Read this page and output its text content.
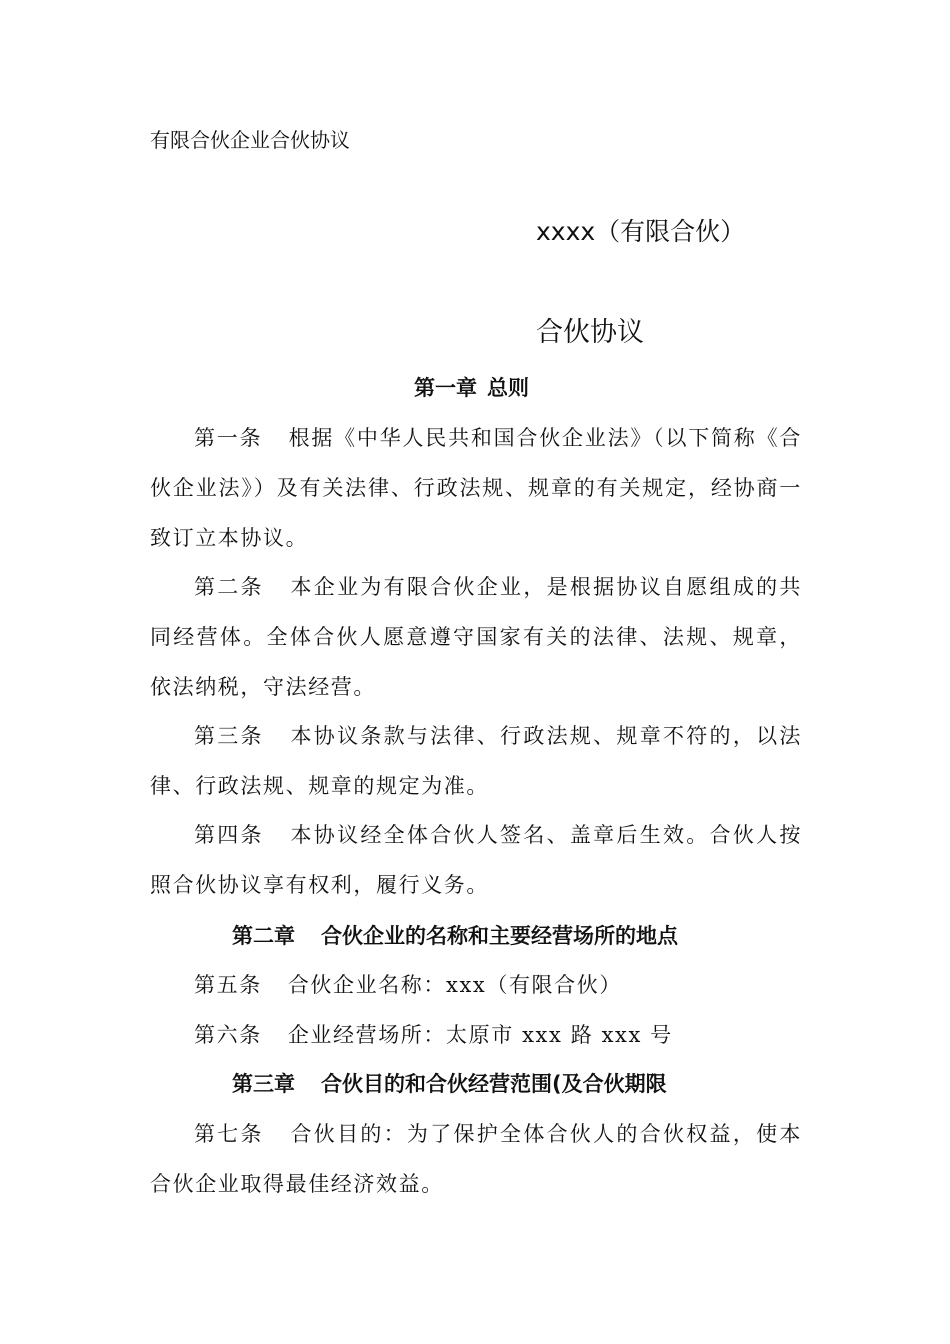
有限合伙企业合伙协议
xxxx（有限合伙）
合伙协议
第一章 总则
第一条 根据《中华人民共和国合伙企业法》（以下简称《合伙企业法》）及有关法律、行政法规、规章的有关规定，经协商一致订立本协议。
第二条 本企业为有限合伙企业，是根据协议自愿组成的共同经营体。全体合伙人愿意遵守国家有关的法律、法规、规章，依法纳税，守法经营。
第三条 本协议条款与法律、行政法规、规章不符的，以法律、行政法规、规章的规定为准。
第四条 本协议经全体合伙人签名、盖章后生效。合伙人按照合伙协议享有权利，履行义务。
第二章 合伙企业的名称和主要经营场所的地点
第五条 合伙企业名称：xxx（有限合伙）
第六条 企业经营场所：太原市 xxx 路 xxx 号
第三章 合伙目的和合伙经营范围(及合伙期限
第七条 合伙目的：为了保护全体合伙人的合伙权益，使本合伙企业取得最佳经济效益。
